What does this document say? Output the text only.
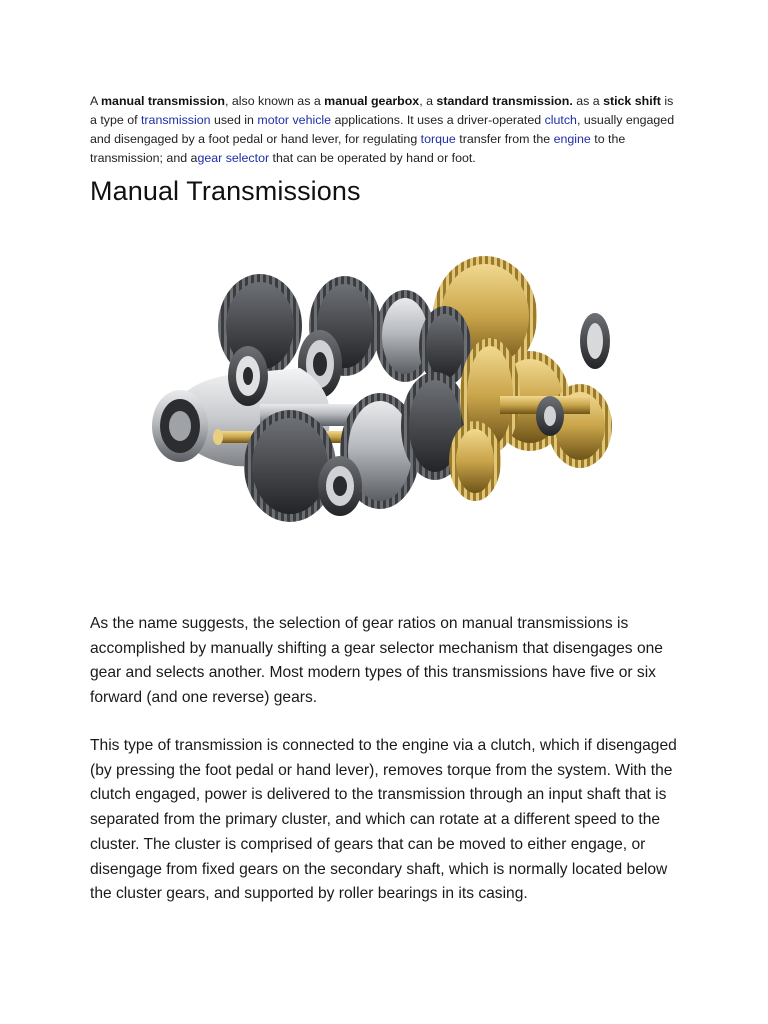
A manual transmission, also known as a manual gearbox, a standard transmission. as a stick shift is a type of transmission used in motor vehicle applications. It uses a driver-operated clutch, usually engaged and disengaged by a foot pedal or hand lever, for regulating torque transfer from the engine to the transmission; and agear selector that can be operated by hand or foot.

Manual Transmissions

As the name suggests, the selection of gear ratios on manual transmissions is accomplished by manually shifting a gear selector mechanism that disengages one gear and selects another. Most modern types of this transmissions have five or six forward (and one reverse) gears.

This type of transmission is connected to the engine via a clutch, which if disengaged (by pressing the foot pedal or hand lever), removes torque from the system. With the clutch engaged, power is delivered to the transmission through an input shaft that is separated from the primary cluster, and which can rotate at a different speed to the cluster. The cluster is comprised of gears that can be moved to either engage, or disengage from fixed gears on the secondary shaft, which is normally located below the cluster gears, and supported by roller bearings in its casing.
